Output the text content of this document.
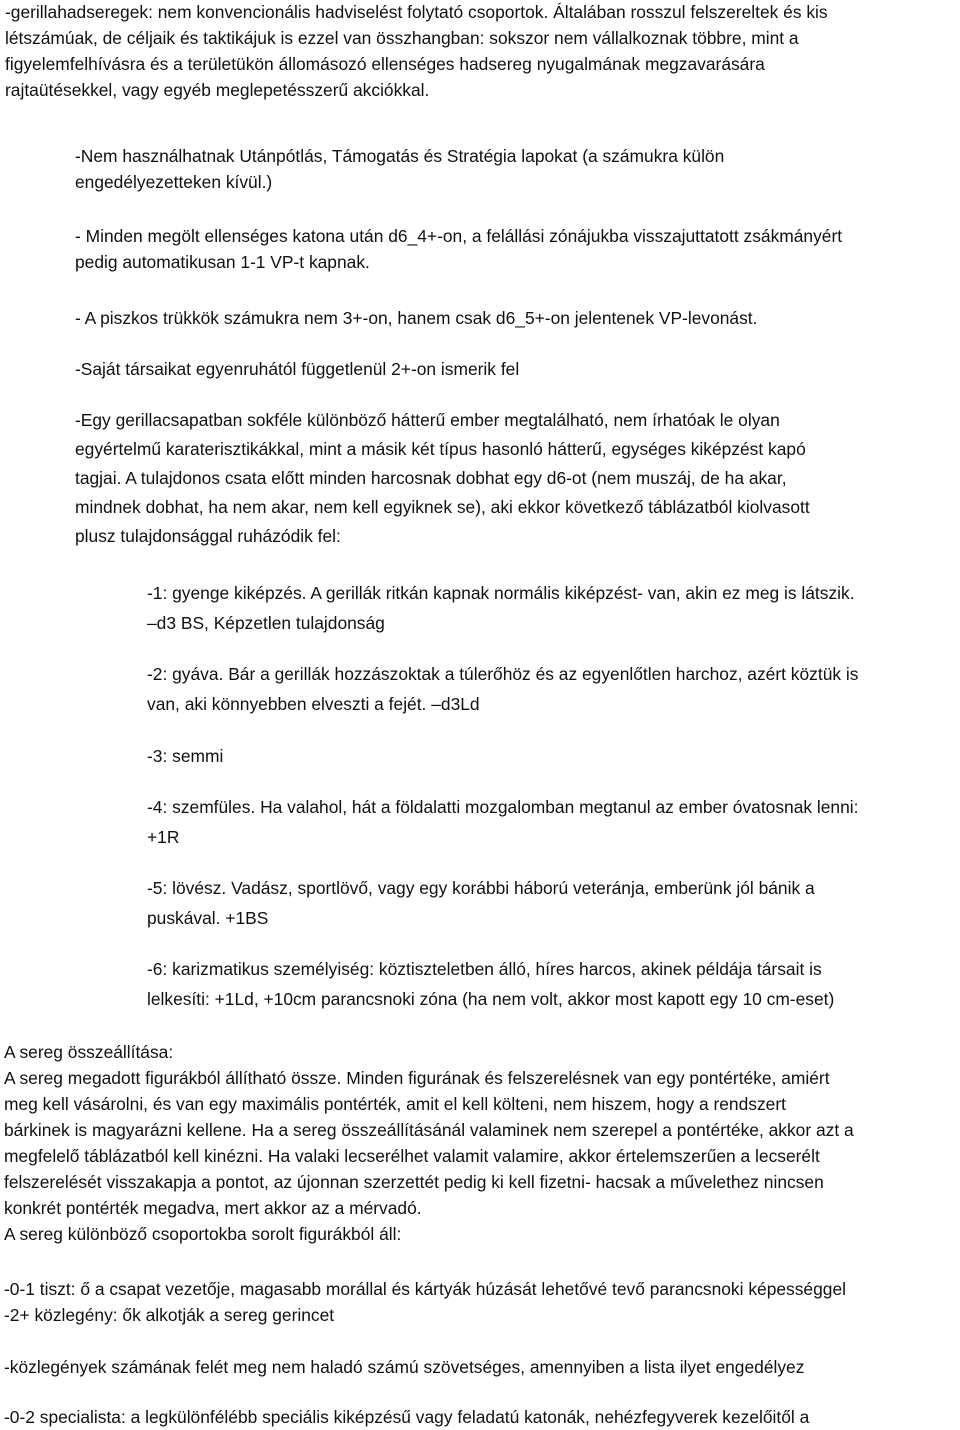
-gerillahadseregek: nem konvencionális hadviselést folytató csoportok. Általában rosszul felszereltek és kis
létszámúak, de céljaik és taktikájuk is ezzel van összhangban: sokszor nem vállalkoznak többre, mint a
figyelemfelhívásra és a területükön állomásozó ellenséges hadsereg nyugalmának megzavarására
rajtaütésekkel, vagy egyéb meglepetésszerű akciókkal.

-Nem használhatnak Utánpótlás, Támogatás és Stratégia lapokat (a számukra külön
engedélyezetteken kívül.)

- Minden megölt ellenséges katona után d6_4+-on, a felállási zónájukba visszajuttatott zsákmányért
pedig automatikusan 1-1 VP-t kapnak.

- A piszkos trükkök számukra nem 3+-on, hanem csak d6_5+-on jelentenek VP-levonást.

-Saját társaikat egyenruhától függetlenül 2+-on ismerik fel

-Egy gerillacsapatban sokféle különböző hátterű ember megtalálható, nem írhatóak le olyan
egyértelmű karaterisztikákkal, mint a másik két típus hasonló hátterű, egységes kiképzést kapó
tagjai. A tulajdonos csata előtt minden harcosnak dobhat egy d6-ot (nem muszáj, de ha akar,
mindnek dobhat, ha nem akar, nem kell egyiknek se), aki ekkor következő táblázatból kiolvasott
plusz tulajdonsággal ruházódik fel:

-1: gyenge kiképzés. A gerillák ritkán kapnak normális kiképzést- van, akin ez meg is látszik.
–d3 BS, Képzetlen tulajdonság

-2: gyáva. Bár a gerillák hozzászoktak a túlerőhöz és az egyenlőtlen harchoz, azért köztük is
van, aki könnyebben elveszti a fejét. –d3Ld

-3: semmi

-4: szemfüles. Ha valahol, hát a földalatti mozgalomban megtanul az ember óvatosnak lenni:
+1R

-5: lövész. Vadász, sportlövő, vagy egy korábbi háború veteránja, emberünk jól bánik a
puskával. +1BS

-6: karizmatikus személyiség: köztiszteletben álló, híres harcos, akinek példája társait is
lelkesíti: +1Ld, +10cm parancsnoki zóna (ha nem volt, akkor most kapott egy 10 cm-eset)

A sereg összeállítása:
A sereg megadott figurákból állítható össze. Minden figurának és felszerelésnek van egy pontértéke, amiért
meg kell vásárolni, és van egy maximális pontérték, amit el kell költeni, nem hiszem, hogy a rendszert
bárkinek is magyarázni kellene. Ha a sereg összeállításánál valaminek nem szerepel a pontértéke, akkor azt a
megfelelő táblázatból kell kinézni. Ha valaki lecserélhet valamit valamire, akkor értelemszerűen a lecserélt
felszerelését visszakapja a pontot, az újonnan szerzettét pedig ki kell fizetni- hacsak a művelethez nincsen
konkrét pontérték megadva, mert akkor az a mérvadó.
A sereg különböző csoportokba sorolt figurákból áll:

-0-1 tiszt: ő a csapat vezetője, magasabb morállal és kártyák húzását lehetővé tevő parancsnoki képességgel
-2+ közlegény: ők alkotják a sereg gerincet

-közlegények számának felét meg nem haladó számú szövetséges, amennyiben a lista ilyet engedélyez

-0-2 specialista: a legkülönfélébb speciális kiképzésű vagy feladatú katonák, nehézfegyverek kezelőitől a
